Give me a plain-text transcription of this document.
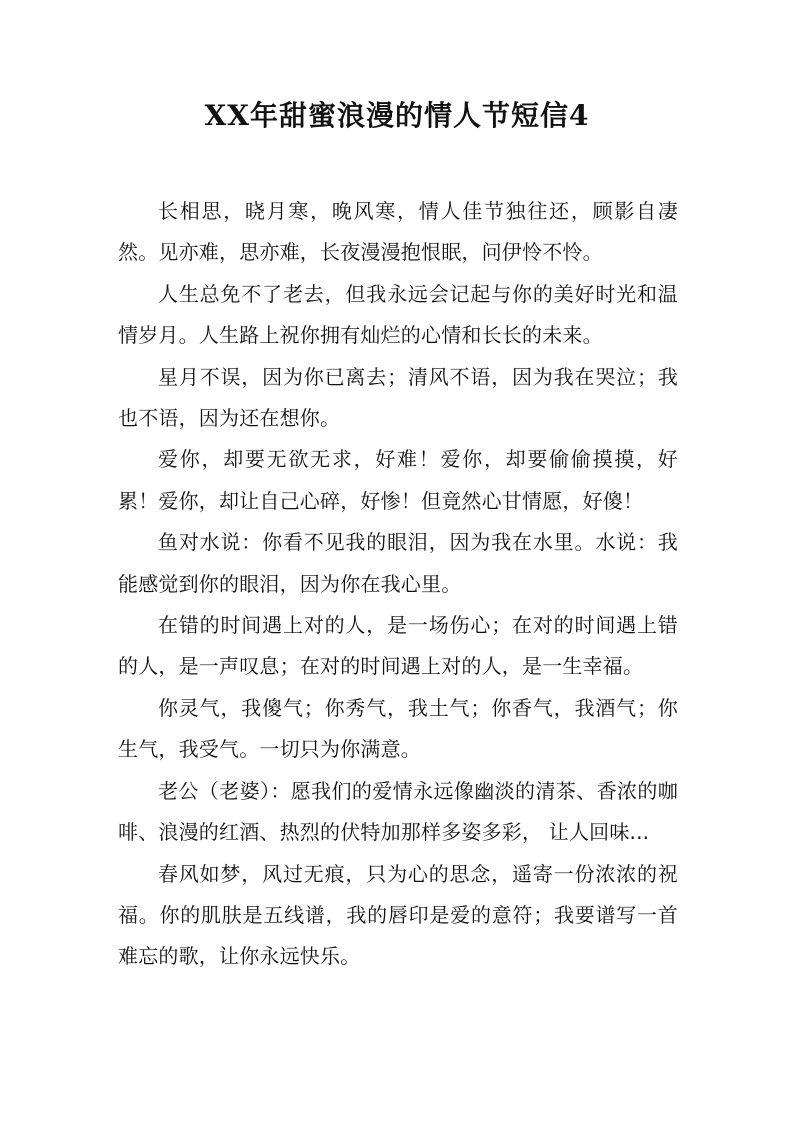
XX年甜蜜浪漫的情人节短信4

长相思，晓月寒，晚风寒，情人佳节独往还，顾影自凄然。见亦难，思亦难，长夜漫漫抱恨眠，问伊怜不怜。

人生总免不了老去，但我永远会记起与你的美好时光和温情岁月。人生路上祝你拥有灿烂的心情和长长的未来。

星月不误，因为你已离去；清风不语，因为我在哭泣；我也不语，因为还在想你。

爱你，却要无欲无求，好难！爱你，却要偷偷摸摸，好累！爱你，却让自己心碎，好惨！但竟然心甘情愿，好傻！

鱼对水说：你看不见我的眼泪，因为我在水里。水说：我能感觉到你的眼泪，因为你在我心里。

在错的时间遇上对的人，是一场伤心；在对的时间遇上错的人，是一声叹息；在对的时间遇上对的人，是一生幸福。

你灵气，我傻气；你秀气，我土气；你香气，我酒气；你生气，我受气。一切只为你满意。

老公（老婆）：愿我们的爱情永远像幽淡的清茶、香浓的咖啡、浪漫的红酒、热烈的伏特加那样多姿多彩， 让人回味...

春风如梦，风过无痕，只为心的思念，遥寄一份浓浓的祝福。你的肌肤是五线谱，我的唇印是爱的意符；我要谱写一首难忘的歌，让你永远快乐。
